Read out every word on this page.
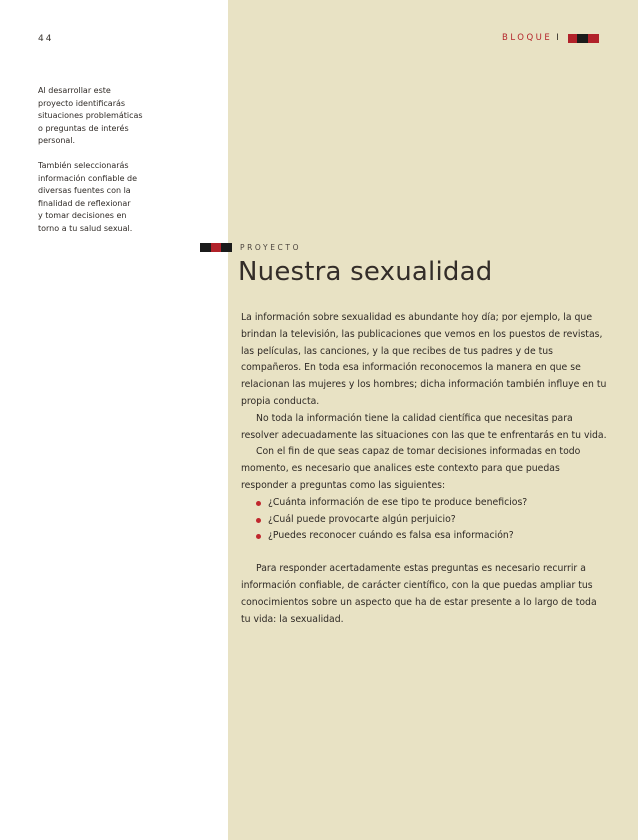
44	BLOQUE I
Al desarrollar este
proyecto identificarás
situaciones problemáticas
o preguntas de interés
personal.
También seleccionarás
información confiable de
diversas fuentes con la
finalidad de reflexionar
y tomar decisiones en
torno a tu salud sexual.
PROYECTO
Nuestra sexualidad

La información sobre sexualidad es abundante hoy día; por ejemplo, la que brindan la televisión, las publicaciones que vemos en los puestos de revistas, las películas, las canciones, y la que recibes de tus padres y de tus compañeros. En toda esa información reconocemos la manera en que se relacionan las mujeres y los hombres; dicha información también influye en tu propia conducta.

No toda la información tiene la calidad científica que necesitas para resolver adecuadamente las situaciones con las que te enfrentarás en tu vida.

Con el fin de que seas capaz de tomar decisiones informadas en todo momento, es necesario que analices este contexto para que puedas responder a preguntas como las siguientes:

¿Cuánta información de ese tipo te produce beneficios?
¿Cuál puede provocarte algún perjuicio?
¿Puedes reconocer cuándo es falsa esa información?

Para responder acertadamente estas preguntas es necesario recurrir a información confiable, de carácter científico, con la que puedas ampliar tus conocimientos sobre un aspecto que ha de estar presente a lo largo de toda tu vida: la sexualidad.
